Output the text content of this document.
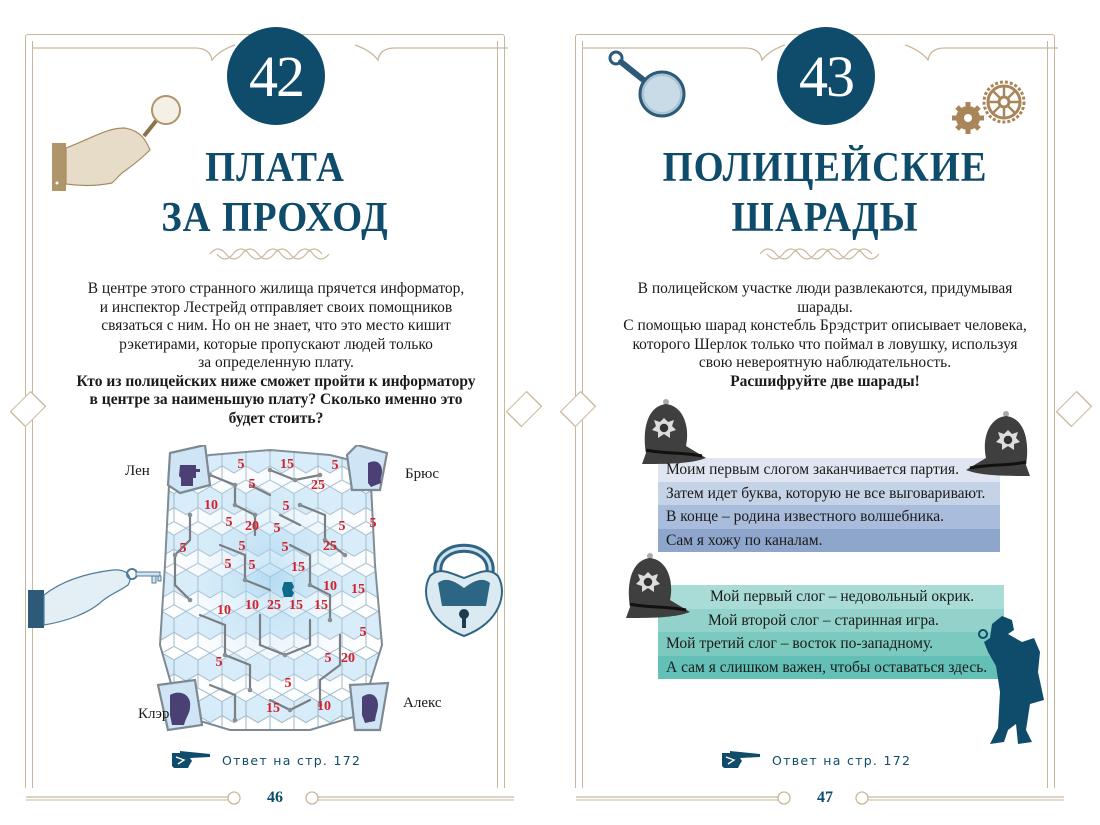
42
ПЛАТА
ЗА ПРОХОД
В центре этого странного жилища прячется информатор,
и инспектор Лестрейд отправляет своих помощников
связаться с ним. Но он не знает, что это место кишит
рэкетирами, которые пропускают людей только
за определенную плату.
Кто из полицейских ниже сможет пройти к информатору
в центре за наименьшую плату? Сколько именно это
будет стоить?
5	15	5
5	25
10	5
5 20 5	5 5
5	5	5 25
5 5	15
10 15
10 10 25 15 15
5
5	5 20
5
15	10
Лен	Брюс
Клэр
Алекс
Ответ на стр. 172
46
43
ПОЛИЦЕЙСКИЕ
ШАРАДЫ
В полицейском участке люди развлекаются, придумывая
шарады.
С помощью шарад констебль Брэдстрит описывает человека,
которого Шерлок только что поймал в ловушку, используя
свою невероятную наблюдательность.
Расшифруйте две шарады!
Моим первым слогом заканчивается партия.
Затем идет буква, которую не все выговаривают.
В конце – родина известного волшебника.
Сам я хожу по каналам.
Мой первый слог – недовольный окрик.
Мой второй слог – старинная игра.
Мой третий слог – восток по-западному.
А сам я слишком важен, чтобы оставаться здесь.
Ответ на стр. 172
47
